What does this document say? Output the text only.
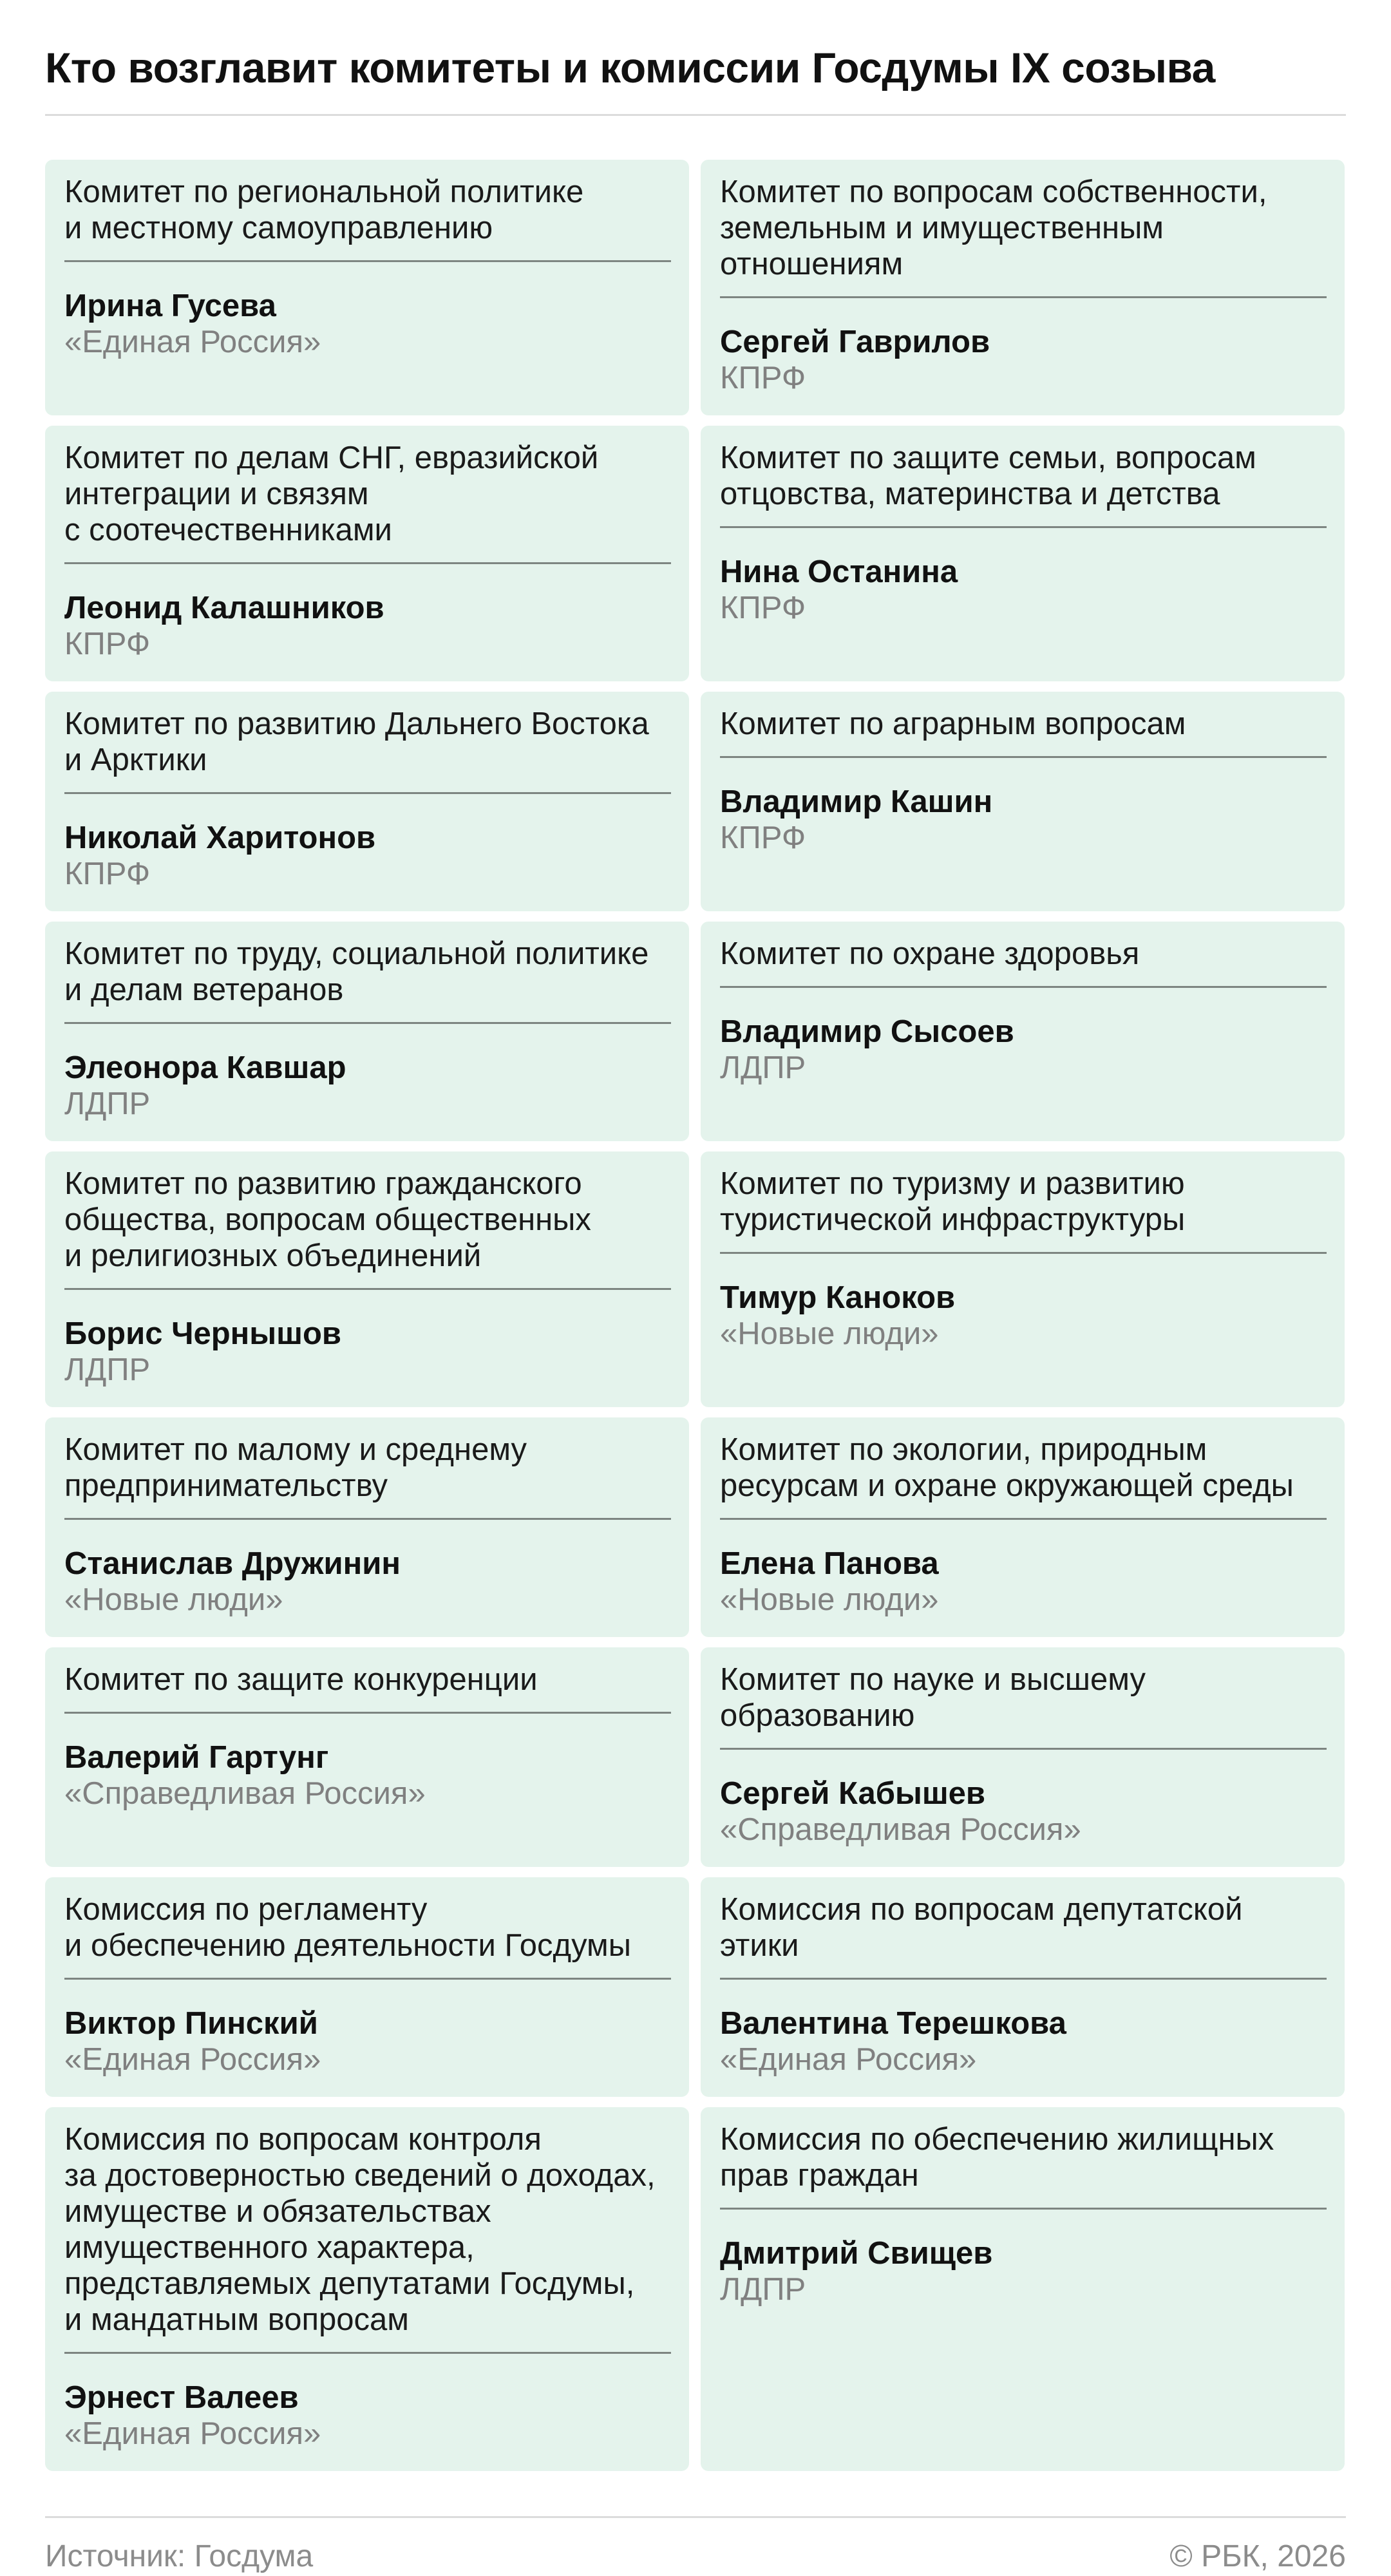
Кто возглавит комитеты и комиссии Госдумы IX созыва
Комитет по региональной политике
и местному самоуправлению
Ирина Гусева
«Единая Россия»
Комитет по вопросам собственности,
земельным и имущественным
отношениям
Сергей Гаврилов
КПРФ
Комитет по делам СНГ, евразийской
интеграции и связям
с соотечественниками
Леонид Калашников
КПРФ
Комитет по защите семьи, вопросам
отцовства, материнства и детства
Нина Останина
КПРФ
Комитет по развитию Дальнего Востока
и Арктики
Николай Харитонов
КПРФ
Комитет по аграрным вопросам
Владимир Кашин
КПРФ
Комитет по труду, социальной политике
и делам ветеранов
Элеонора Кавшар
ЛДПР
Комитет по охране здоровья
Владимир Сысоев
ЛДПР
Комитет по развитию гражданского
общества, вопросам общественных
и религиозных объединений
Борис Чернышов
ЛДПР
Комитет по туризму и развитию
туристической инфраструктуры
Тимур Каноков
«Новые люди»
Комитет по малому и среднему
предпринимательству
Станислав Дружинин
«Новые люди»
Комитет по экологии, природным
ресурсам и охране окружающей среды
Елена Панова
«Новые люди»
Комитет по защите конкуренции
Валерий Гартунг
«Справедливая Россия»
Комитет по науке и высшему
образованию
Сергей Кабышев
«Справедливая Россия»
Комиссия по регламенту
и обеспечению деятельности Госдумы
Виктор Пинский
«Единая Россия»
Комиссия по вопросам депутатской
этики
Валентина Терешкова
«Единая Россия»
Комиссия по вопросам контроля
за достоверностью сведений о доходах,
имуществе и обязательствах
имущественного характера,
представляемых депутатами Госдумы,
и мандатным вопросам
Эрнест Валеев
«Единая Россия»
Комиссия по обеспечению жилищных
прав граждан
Дмитрий Свищев
ЛДПР
Источник: Госдума	© РБК, 2026
